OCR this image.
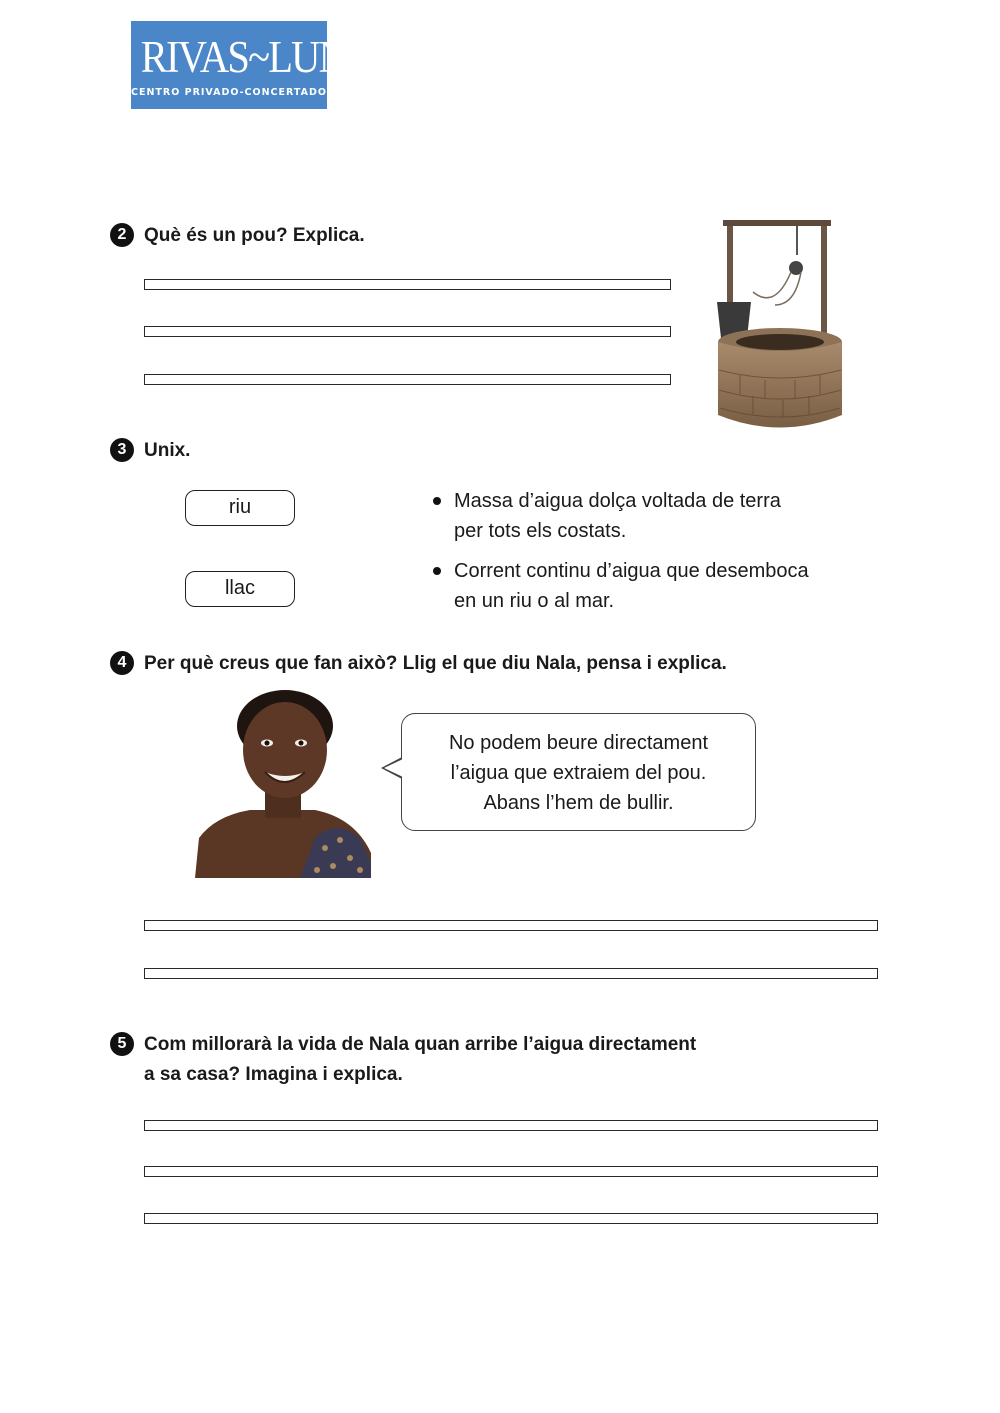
RIVAS~LUNA
CENTRO PRIVADO-CONCERTADO
2 Què és un pou? Explica.
3 Unix.
riu
llac
Massa d’aigua dolça voltada de terra
per tots els costats.
Corrent continu d’aigua que desemboca
en un riu o al mar.
4 Per què creus que fan això? Llig el que diu Nala, pensa i explica.
No podem beure directament
l’aigua que extraiem del pou.
Abans l’hem de bullir.
5 Com millorarà la vida de Nala quan arribe l’aigua directament
a sa casa? Imagina i explica.
